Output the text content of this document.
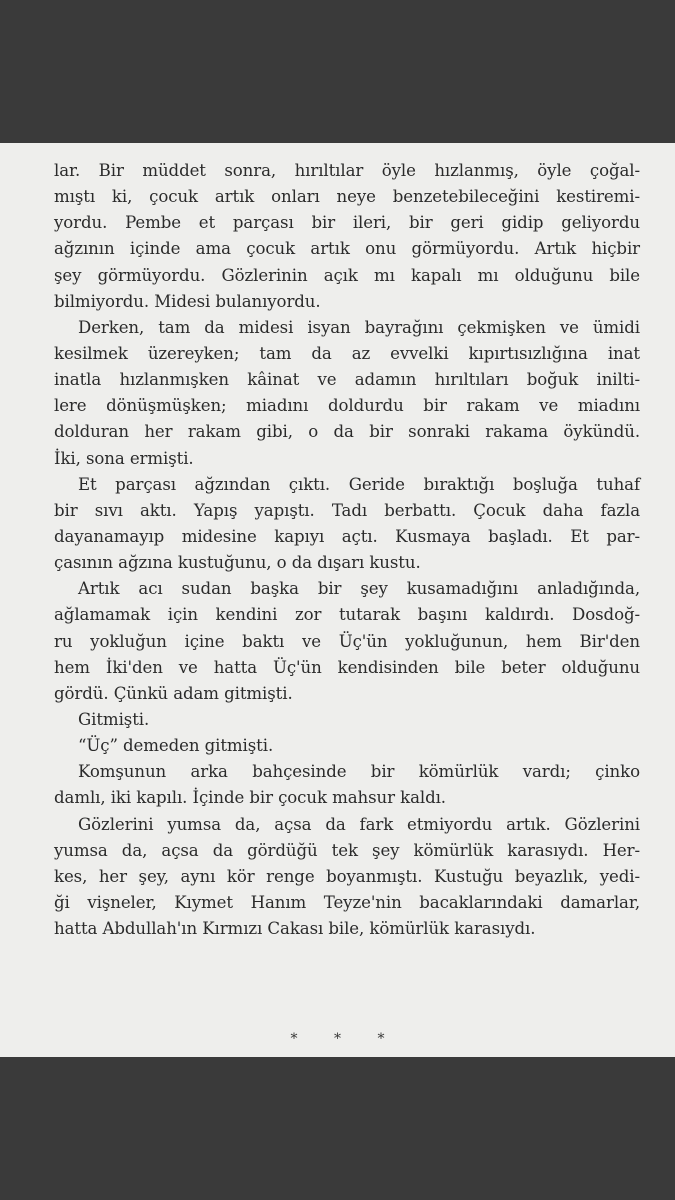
lar. Bir müddet sonra, hırıltılar öyle hızlanmış, öyle çoğal-
mıştı ki, çocuk artık onları neye benzetebileceğini kestiremi-
yordu. Pembe et parçası bir ileri, bir geri gidip geliyordu
ağzının içinde ama çocuk artık onu görmüyordu. Artık hiçbir
şey görmüyordu. Gözlerinin açık mı kapalı mı olduğunu bile
bilmiyordu. Midesi bulanıyordu.
Derken, tam da midesi isyan bayrağını çekmişken ve ümidi
kesilmek üzereyken; tam da az evvelki kıpırtısızlığına inat
inatla hızlanmışken kâinat ve adamın hırıltıları boğuk inilti-
lere dönüşmüşken; miadını doldurdu bir rakam ve miadını
dolduran her rakam gibi, o da bir sonraki rakama öykündü.
İki, sona ermişti.
Et parçası ağzından çıktı. Geride bıraktığı boşluğa tuhaf
bir sıvı aktı. Yapış yapıştı. Tadı berbattı. Çocuk daha fazla
dayanamayıp midesine kapıyı açtı. Kusmaya başladı. Et par-
çasının ağzına kustuğunu, o da dışarı kustu.
Artık acı sudan başka bir şey kusamadığını anladığında,
ağlamamak için kendini zor tutarak başını kaldırdı. Dosdoğ-
ru yokluğun içine baktı ve Üç'ün yokluğunun, hem Bir'den
hem İki'den ve hatta Üç'ün kendisinden bile beter olduğunu
gördü. Çünkü adam gitmişti.
Gitmişti.
“Üç” demeden gitmişti.
Komşunun arka bahçesinde bir kömürlük vardı; çinko
damlı, iki kapılı. İçinde bir çocuk mahsur kaldı.
Gözlerini yumsa da, açsa da fark etmiyordu artık. Gözlerini
yumsa da, açsa da gördüğü tek şey kömürlük karasıydı. Her-
kes, her şey, aynı kör renge boyanmıştı. Kustuğu beyazlık, yedi-
ği vişneler, Kıymet Hanım Teyze'nin bacaklarındaki damarlar,
hatta Abdullah'ın Kırmızı Cakası bile, kömürlük karasıydı.
* * *
